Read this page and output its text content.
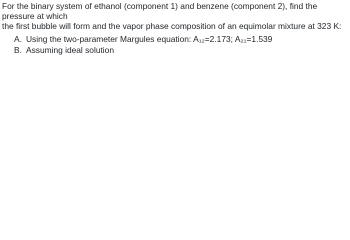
For the binary system of ethanol (component 1) and benzene (component 2), find the pressure at which
the first bubble will form and the vapor phase composition of an equimolar mixture at 323 K:

A. Using the two-parameter Margules equation: A₁₂=2.173; A₂₁=1.539
B. Assuming ideal solution
